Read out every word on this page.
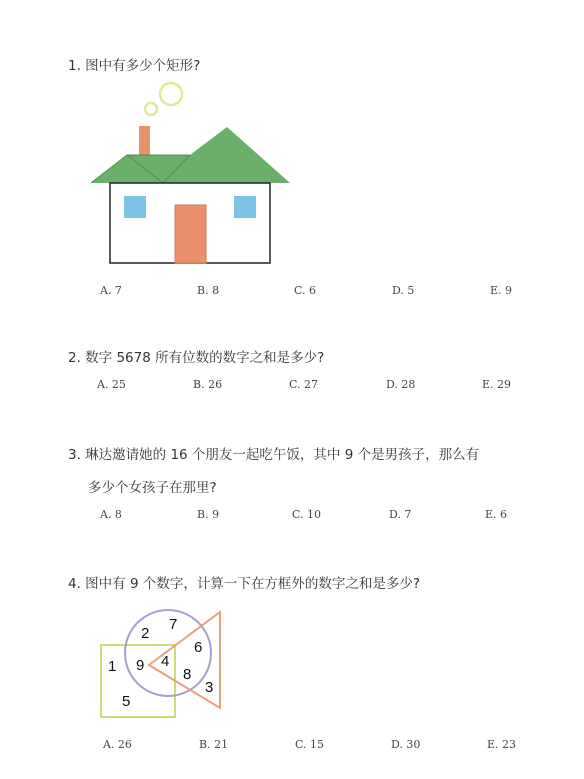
1. 图中有多少个矩形?
A. 7	B. 8	C. 6	D. 5	E. 9
2. 数字 5678 所有位数的数字之和是多少?
A. 25	B. 26	C. 27	D. 28	E. 29
3. 琳达邀请她的 16 个朋友一起吃午饭，其中 9 个是男孩子，那么有
多少个女孩子在那里?
A. 8	B. 9	C. 10	D. 7	E. 6
4. 图中有 9 个数字，计算一下在方框外的数字之和是多少?
2
7
6
1 9 4
8
3
5
A. 26	B. 21	C. 15	D. 30	E. 23
